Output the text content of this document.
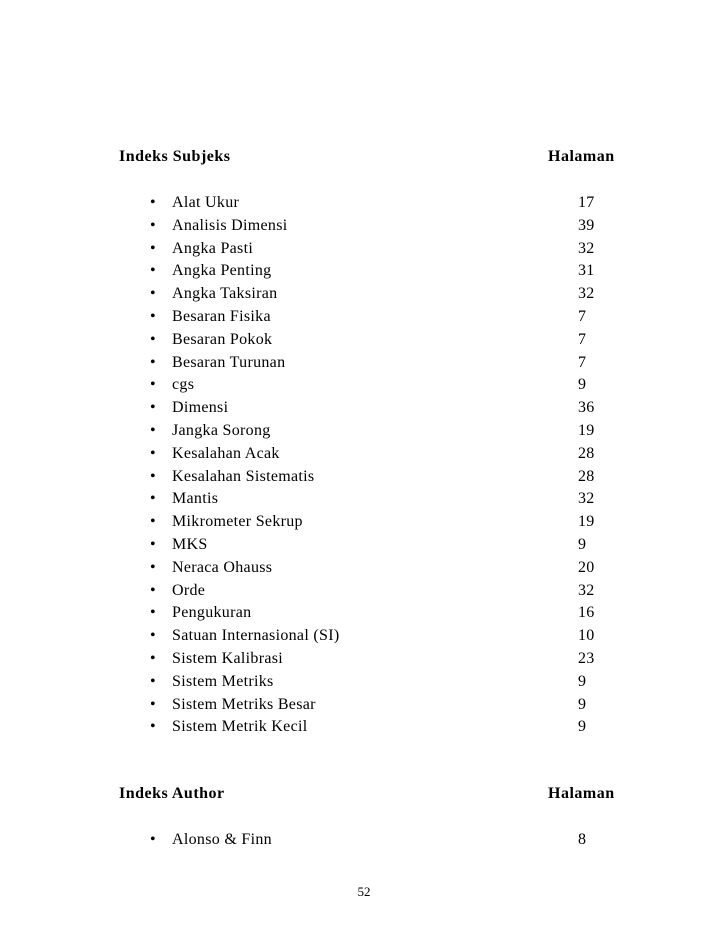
Indeks Subjeks	Halaman
• Alat Ukur	17
• Analisis Dimensi	39
• Angka Pasti	32
• Angka Penting	31
• Angka Taksiran	32
• Besaran Fisika	7
• Besaran Pokok	7
• Besaran Turunan	7
• cgs	9
• Dimensi	36
• Jangka Sorong	19
• Kesalahan Acak	28
• Kesalahan Sistematis	28
• Mantis	32
• Mikrometer Sekrup	19
• MKS	9
• Neraca Ohauss	20
• Orde	32
• Pengukuran	16
• Satuan Internasional (SI)	10
• Sistem Kalibrasi	23
• Sistem Metriks	9
• Sistem Metriks Besar	9
• Sistem Metrik Kecil	9
Indeks Author	Halaman
• Alonso & Finn	8
52
